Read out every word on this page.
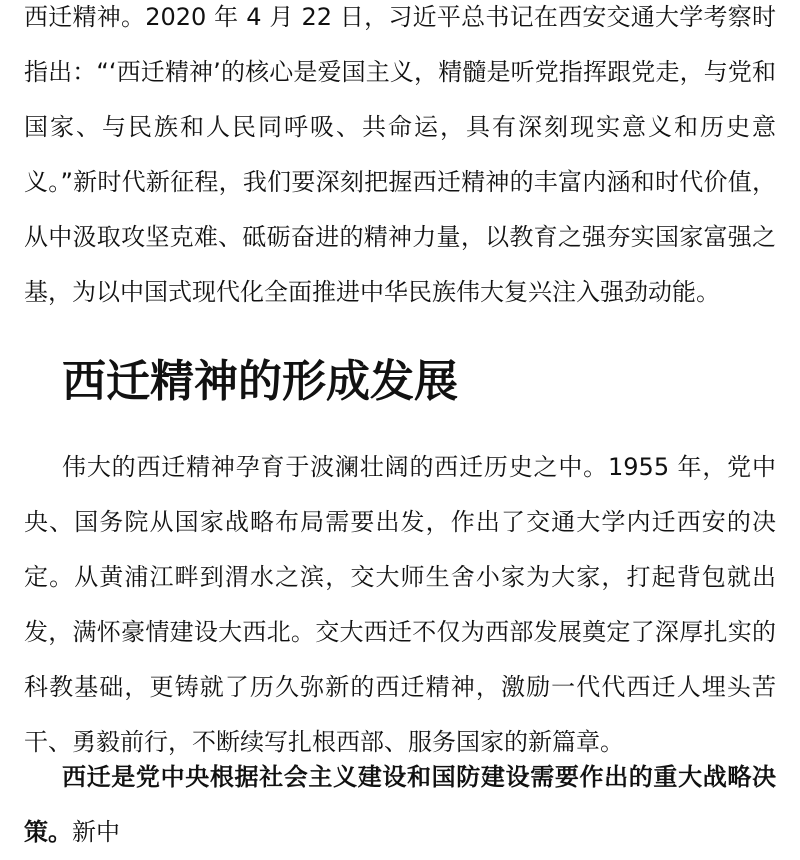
西迁精神。2020 年 4 月 22 日，习近平总书记在西安交通大学考察时指出：“‘西迁精神’的核心是爱国主义，精髓是听党指挥跟党走，与党和国家、与民族和人民同呼吸、共命运，具有深刻现实意义和历史意义。”新时代新征程，我们要深刻把握西迁精神的丰富内涵和时代价值，从中汲取攻坚克难、砥砺奋进的精神力量，以教育之强夯实国家富强之基，为以中国式现代化全面推进中华民族伟大复兴注入强劲动能。
西迁精神的形成发展
伟大的西迁精神孕育于波澜壮阔的西迁历史之中。1955 年，党中央、国务院从国家战略布局需要出发，作出了交通大学内迁西安的决定。从黄浦江畔到渭水之滨，交大师生舍小家为大家，打起背包就出发，满怀豪情建设大西北。交大西迁不仅为西部发展奠定了深厚扎实的科教基础，更铸就了历久弥新的西迁精神，激励一代代西迁人埋头苦干、勇毅前行，不断续写扎根西部、服务国家的新篇章。
西迁是党中央根据社会主义建设和国防建设需要作出的重大战略决策。新中
